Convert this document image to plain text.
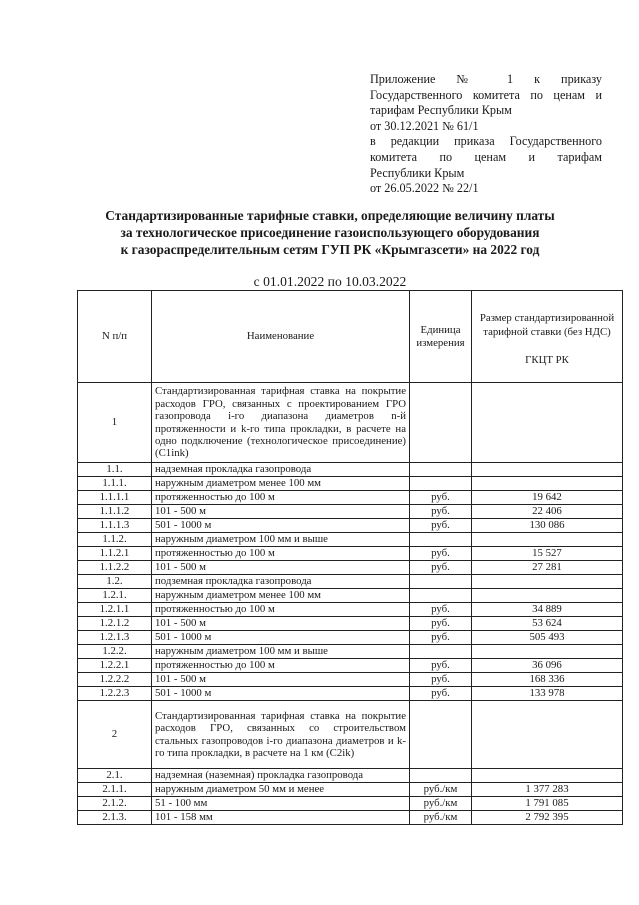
Приложение № 1 к приказу
Государственного комитета по ценам и
тарифам Республики Крым
от 30.12.2021 № 61/1
в редакции приказа Государственного
комитета по ценам и тарифам
Республики Крым
от 26.05.2022 № 22/1
Стандартизированные тарифные ставки, определяющие величину платы
за технологическое присоединение газоиспользующего оборудования
к газораспределительным сетям ГУП РК «Крымгазсети» на 2022 год
с 01.01.2022 по 10.03.2022
N п/п	Наименование	Единица измерения	Размер стандартизированной тарифной ставки (без НДС)
ГКЦТ РК

1	Стандартизированная тарифная ставка на покрытие расходов ГРО, связанных с проектированием ГРО газопровода i-го диапазона диаметров n-й протяженности и k-го типа прокладки, в расчете на одно подключение (технологическое присоединение) (C1ink)		
1.1.	надземная прокладка газопровода		
1.1.1.	наружным диаметром менее 100 мм		
1.1.1.1	протяженностью до 100 м	руб.	19 642
1.1.1.2	101 - 500 м	руб.	22 406
1.1.1.3	501 - 1000 м	руб.	130 086
1.1.2.	наружным диаметром 100 мм и выше		
1.1.2.1	протяженностью до 100 м	руб.	15 527
1.1.2.2	101 - 500 м	руб.	27 281
1.2.	подземная прокладка газопровода		
1.2.1.	наружным диаметром менее 100 мм		
1.2.1.1	протяженностью до 100 м	руб.	34 889
1.2.1.2	101 - 500 м	руб.	53 624
1.2.1.3	501 - 1000 м	руб.	505 493
1.2.2.	наружным диаметром 100 мм и выше		
1.2.2.1	протяженностью до 100 м	руб.	36 096
1.2.2.2	101 - 500 м	руб.	168 336
1.2.2.3	501 - 1000 м	руб.	133 978
2	Стандартизированная тарифная ставка на покрытие расходов ГРО, связанных со строительством стальных газопроводов i-го диапазона диаметров и k-го типа прокладки, в расчете на 1 км (C2ik)		
2.1.	надземная (наземная) прокладка газопровода		
2.1.1.	наружным диаметром 50 мм и менее	руб./км	1 377 283
2.1.2.	51 - 100 мм	руб./км	1 791 085
2.1.3.	101 - 158 мм	руб./км	2 792 395
